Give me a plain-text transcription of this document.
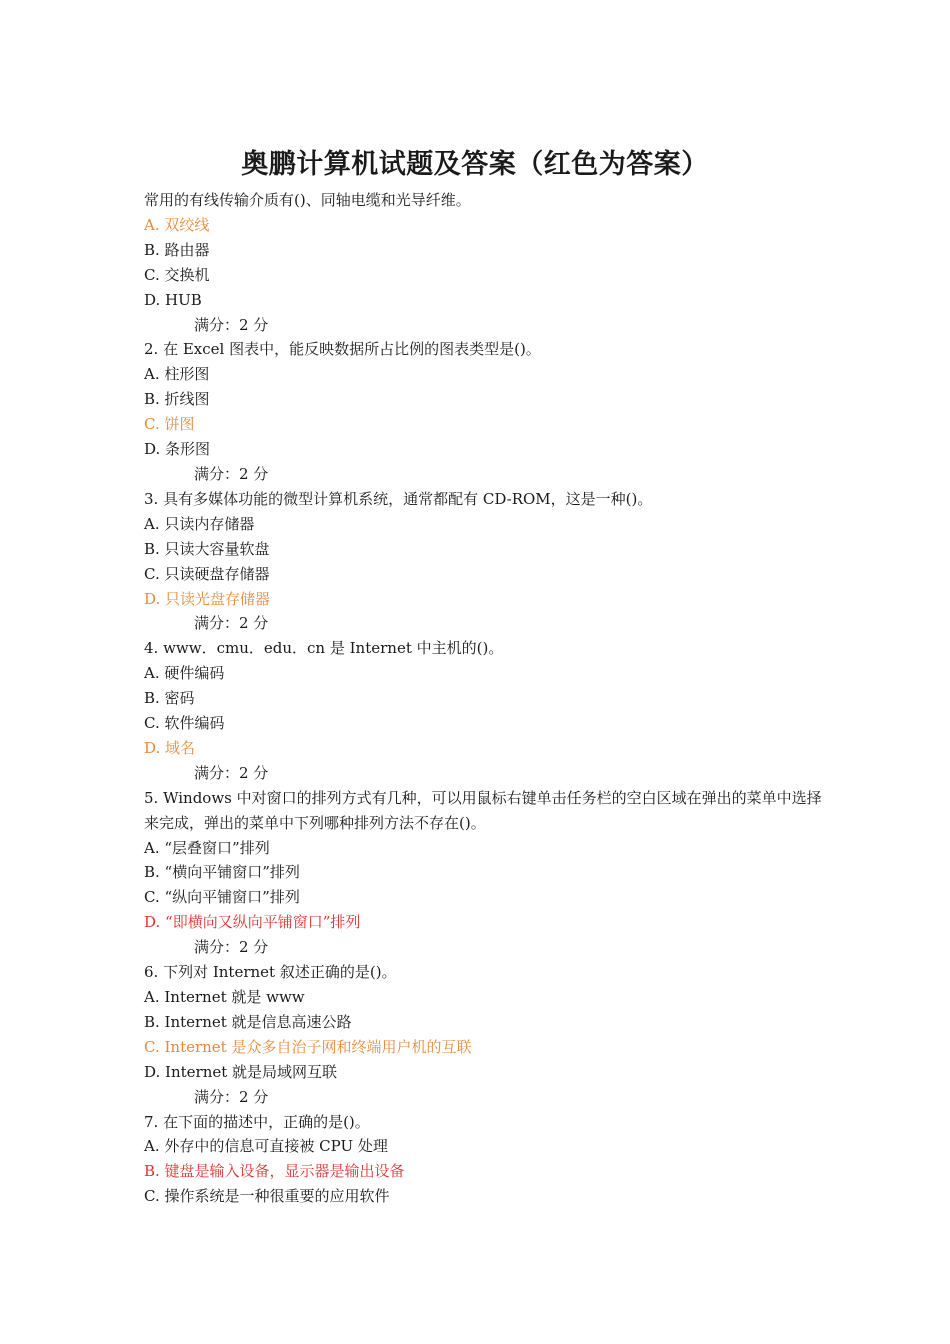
奥鹏计算机试题及答案（红色为答案）
常用的有线传输介质有()、同轴电缆和光导纤维。
A. 双绞线
B. 路由器
C. 交换机
D. HUB
满分：2 分
2. 在 Excel 图表中，能反映数据所占比例的图表类型是()。
A. 柱形图
B. 折线图
C. 饼图
D. 条形图
满分：2 分
3. 具有多媒体功能的微型计算机系统，通常都配有 CD-ROM，这是一种()。
A. 只读内存储器
B. 只读大容量软盘
C. 只读硬盘存储器
D. 只读光盘存储器
满分：2 分
4. www．cmu．edu．cn 是 Internet 中主机的()。
A. 硬件编码
B. 密码
C. 软件编码
D. 域名
满分：2 分
5. Windows 中对窗口的排列方式有几种，可以用鼠标右键单击任务栏的空白区域在弹出的菜单中选择来完成，弹出的菜单中下列哪种排列方法不存在()。
A. “层叠窗口”排列
B. “横向平铺窗口”排列
C. “纵向平铺窗口”排列
D. “即横向又纵向平铺窗口”排列
满分：2 分
6. 下列对 Internet 叙述正确的是()。
A. Internet 就是 www
B. Internet 就是信息高速公路
C. Internet 是众多自治子网和终端用户机的互联
D. Internet 就是局域网互联
满分：2 分
7. 在下面的描述中，正确的是()。
A. 外存中的信息可直接被 CPU 处理
B. 键盘是输入设备，显示器是输出设备
C. 操作系统是一种很重要的应用软件
